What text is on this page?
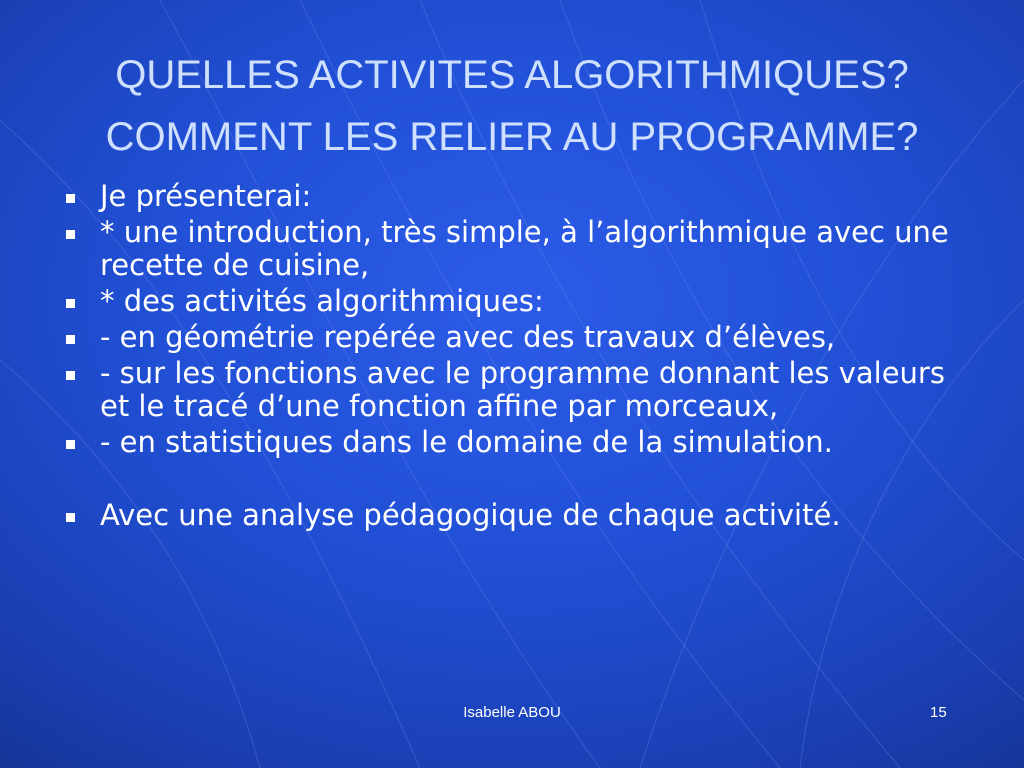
QUELLES ACTIVITES ALGORITHMIQUES?
COMMENT LES RELIER AU PROGRAMME?
Je présenterai:
* une introduction, très simple, à l’algorithmique avec une recette de cuisine,
* des activités algorithmiques:
- en géométrie repérée avec des travaux d’élèves,
- sur les fonctions avec le programme donnant les valeurs et le tracé d’une fonction affine par morceaux,
- en statistiques dans le domaine de la simulation.
Avec une analyse pédagogique de chaque activité.
Isabelle ABOU	15
